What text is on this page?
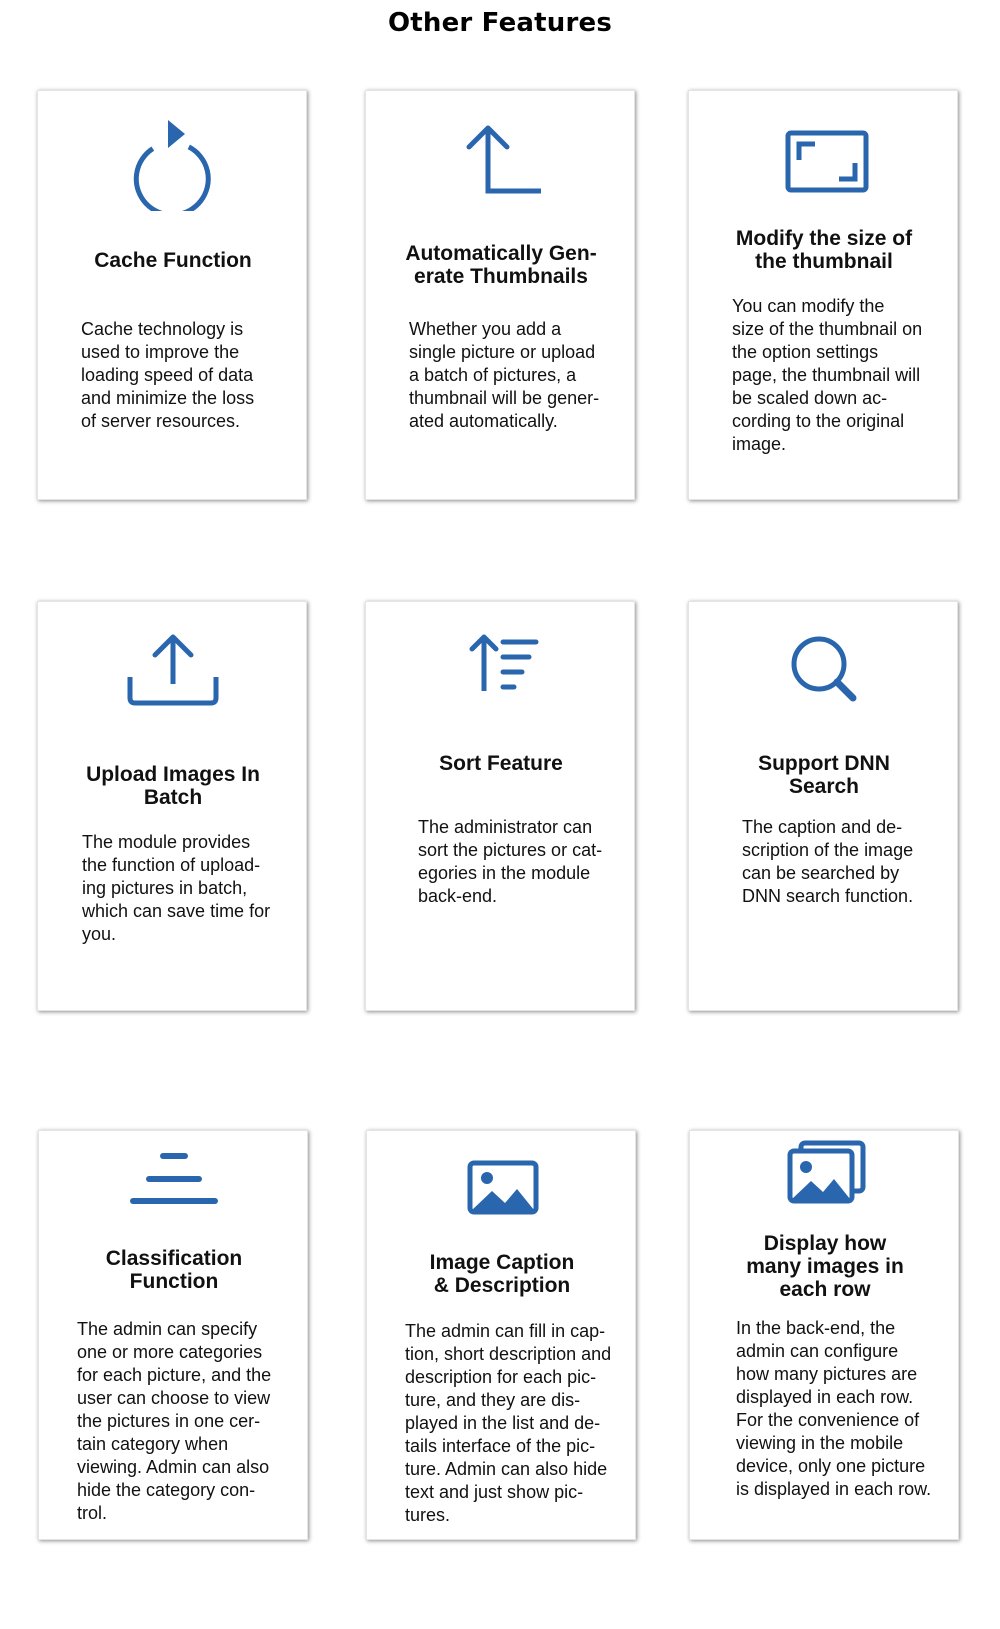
Other Features
Cache Function
Cache technology is
used to improve the
loading speed of data
and minimize the loss
of server resources.
Automatically Gen-
erate Thumbnails
Whether you add a
single picture or upload
a batch of pictures, a
thumbnail will be gener-
ated automatically.
Modify the size of
the thumbnail
You can modify the
size of the thumbnail on
the option settings
page, the thumbnail will
be scaled down ac-
cording to the original
image.
Upload Images In
Batch
The module provides
the function of upload-
ing pictures in batch,
which can save time for
you.
Sort Feature
The administrator can
sort the pictures or cat-
egories in the module
back-end.
Support DNN
Search
The caption and de-
scription of the image
can be searched by
DNN search function.
Classification
Function
The admin can specify
one or more categories
for each picture, and the
user can choose to view
the pictures in one cer-
tain category when
viewing. Admin can also
hide the category con-
trol.
Image Caption
& Description
The admin can fill in cap-
tion, short description and
description for each pic-
ture, and they are dis-
played in the list and de-
tails interface of the pic-
ture. Admin can also hide
text and just show pic-
tures.
Display how
many images in
each row
In the back-end, the
admin can configure
how many pictures are
displayed in each row.
For the convenience of
viewing in the mobile
device, only one picture
is displayed in each row.
